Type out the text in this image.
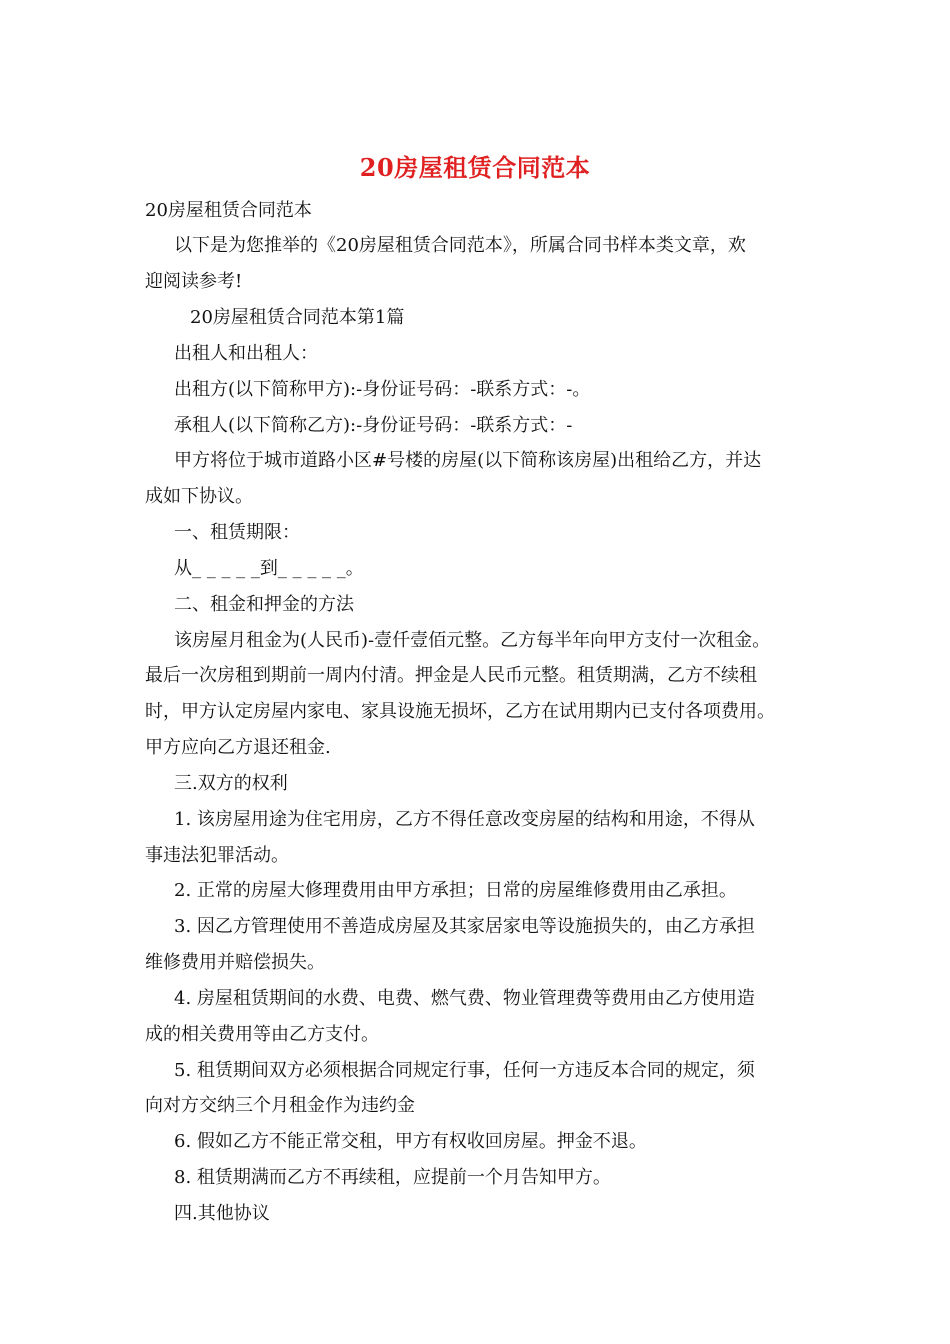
20房屋租赁合同范本
20房屋租赁合同范本
以下是为您推举的《20房屋租赁合同范本》，所属合同书样本类文章，欢
迎阅读参考!
20房屋租赁合同范本第1篇
出租人和出租人：
出租方(以下简称甲方):-身份证号码：-联系方式：-。
承租人(以下简称乙方):-身份证号码：-联系方式：-
甲方将位于城市道路小区#号楼的房屋(以下简称该房屋)出租给乙方，并达
成如下协议。
一、租赁期限：
从_ _ _ _ _到_ _ _ _ _。
二、租金和押金的方法
该房屋月租金为(人民币)-壹仟壹佰元整。乙方每半年向甲方支付一次租金。
最后一次房租到期前一周内付清。押金是人民币元整。租赁期满，乙方不续租
时，甲方认定房屋内家电、家具设施无损坏，乙方在试用期内已支付各项费用。
甲方应向乙方退还租金.
三.双方的权利
1. 该房屋用途为住宅用房，乙方不得任意改变房屋的结构和用途，不得从
事违法犯罪活动。
2. 正常的房屋大修理费用由甲方承担；日常的房屋维修费用由乙承担。
3. 因乙方管理使用不善造成房屋及其家居家电等设施损失的，由乙方承担
维修费用并赔偿损失。
4. 房屋租赁期间的水费、电费、燃气费、物业管理费等费用由乙方使用造
成的相关费用等由乙方支付。
5. 租赁期间双方必须根据合同规定行事，任何一方违反本合同的规定，须
向对方交纳三个月租金作为违约金
6. 假如乙方不能正常交租，甲方有权收回房屋。押金不退。
8. 租赁期满而乙方不再续租，应提前一个月告知甲方。
四.其他协议
